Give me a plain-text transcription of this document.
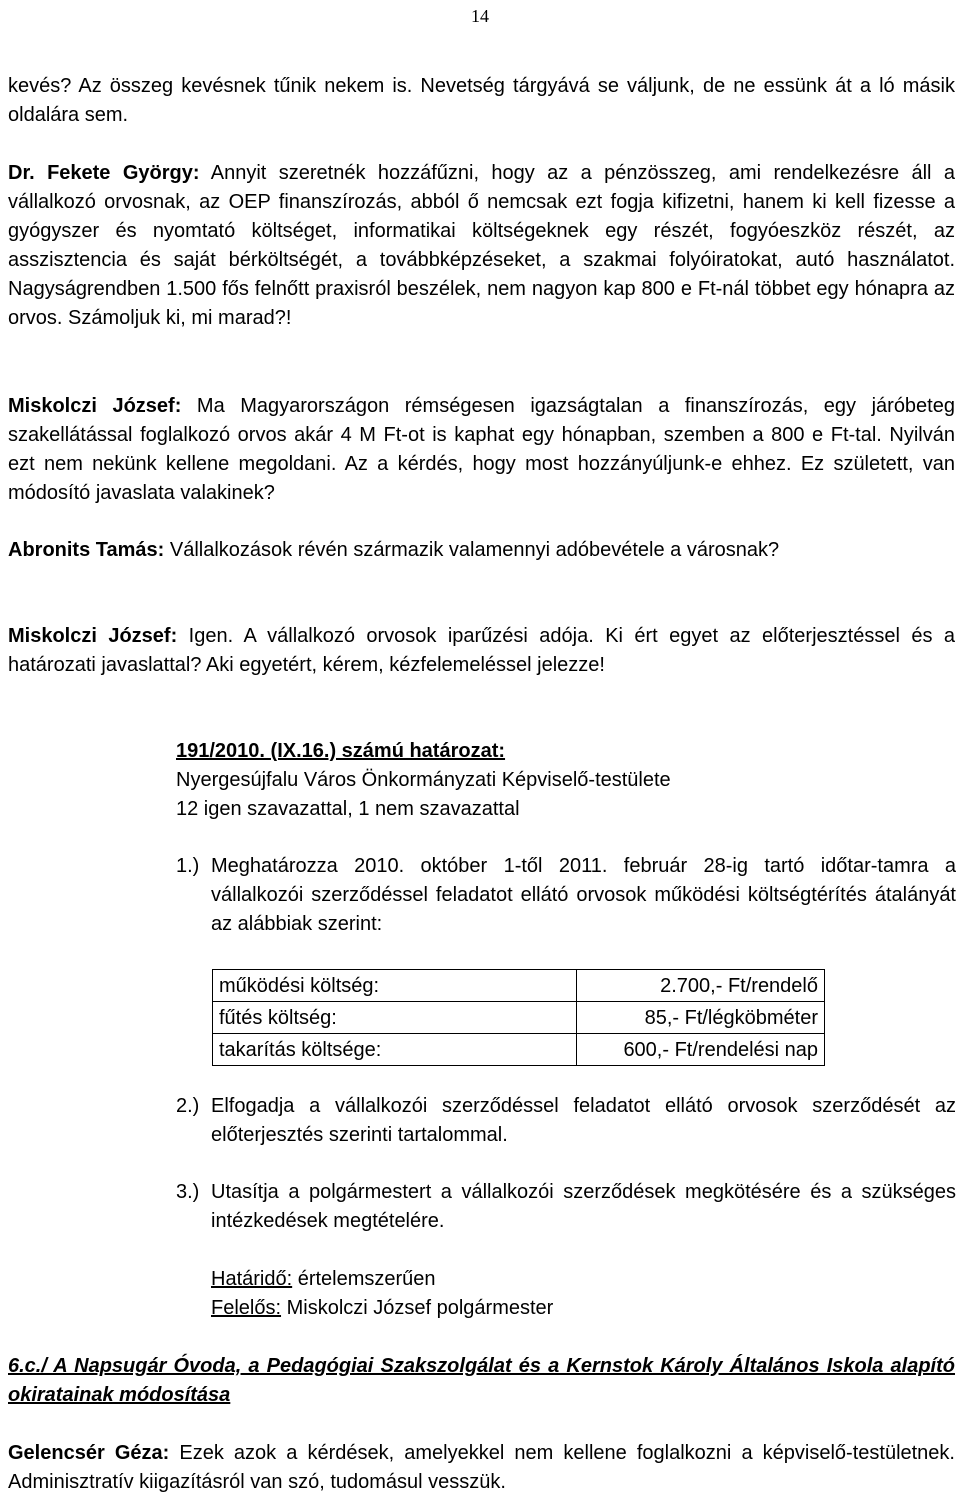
14

kevés? Az összeg kevésnek tűnik nekem is. Nevetség tárgyává se váljunk, de ne essünk át a ló másik oldalára sem.

Dr. Fekete György: Annyit szeretnék hozzáfűzni, hogy az a pénzösszeg, ami rendelkezésre áll a vállalkozó orvosnak, az OEP finanszírozás, abból ő nemcsak ezt fogja kifizetni, hanem ki kell fizesse a gyógyszer és nyomtató költséget, informatikai költségeknek egy részét, fogyóeszköz részét, az asszisztencia és saját bérköltségét, a továbbképzéseket, a szakmai folyóiratokat, autó használatot. Nagyságrendben 1.500 fős felnőtt praxisról beszélek, nem nagyon kap 800 e Ft-nál többet egy hónapra az orvos. Számoljuk ki, mi marad?!

Miskolczi József: Ma Magyarországon rémségesen igazságtalan a finanszírozás, egy járóbeteg szakellátással foglalkozó orvos akár 4 M Ft-ot is kaphat egy hónapban, szemben a 800 e Ft-tal. Nyilván ezt nem nekünk kellene megoldani. Az a kérdés, hogy most hozzányúljunk-e ehhez. Ez született, van módosító javaslata valakinek?

Abronits Tamás: Vállalkozások révén származik valamennyi adóbevétele a városnak?

Miskolczi József: Igen. A vállalkozó orvosok iparűzési adója. Ki ért egyet az előterjesztéssel és a határozati javaslattal? Aki egyetért, kérem, kézfelemeléssel jelezze!

191/2010. (IX.16.) számú határozat:
Nyergesújfalu Város Önkormányzati Képviselő-testülete
12 igen szavazattal, 1 nem szavazattal
1.) Meghatározza 2010. október 1-től 2011. február 28-ig tartó időtar-tamra a vállalkozói szerződéssel feladatot ellátó orvosok működési költségtérítés átalányát az alábbiak szerint:
működési költség:	2.700,- Ft/rendelő
fűtés költség:	85,- Ft/légköbméter
takarítás költsége:	600,- Ft/rendelési nap
2.) Elfogadja a vállalkozói szerződéssel feladatot ellátó orvosok szerződését az előterjesztés szerinti tartalommal.
3.) Utasítja a polgármestert a vállalkozói szerződések megkötésére és a szükséges intézkedések megtételére.
Határidő: értelemszerűen
Felelős: Miskolczi József polgármester

6.c./ A Napsugár Óvoda, a Pedagógiai Szakszolgálat és a Kernstok Károly Általános Iskola alapító okiratainak módosítása

Gelencsér Géza: Ezek azok a kérdések, amelyekkel nem kellene foglalkozni a képviselő-testületnek. Adminisztratív kiigazításról van szó, tudomásul vesszük.
